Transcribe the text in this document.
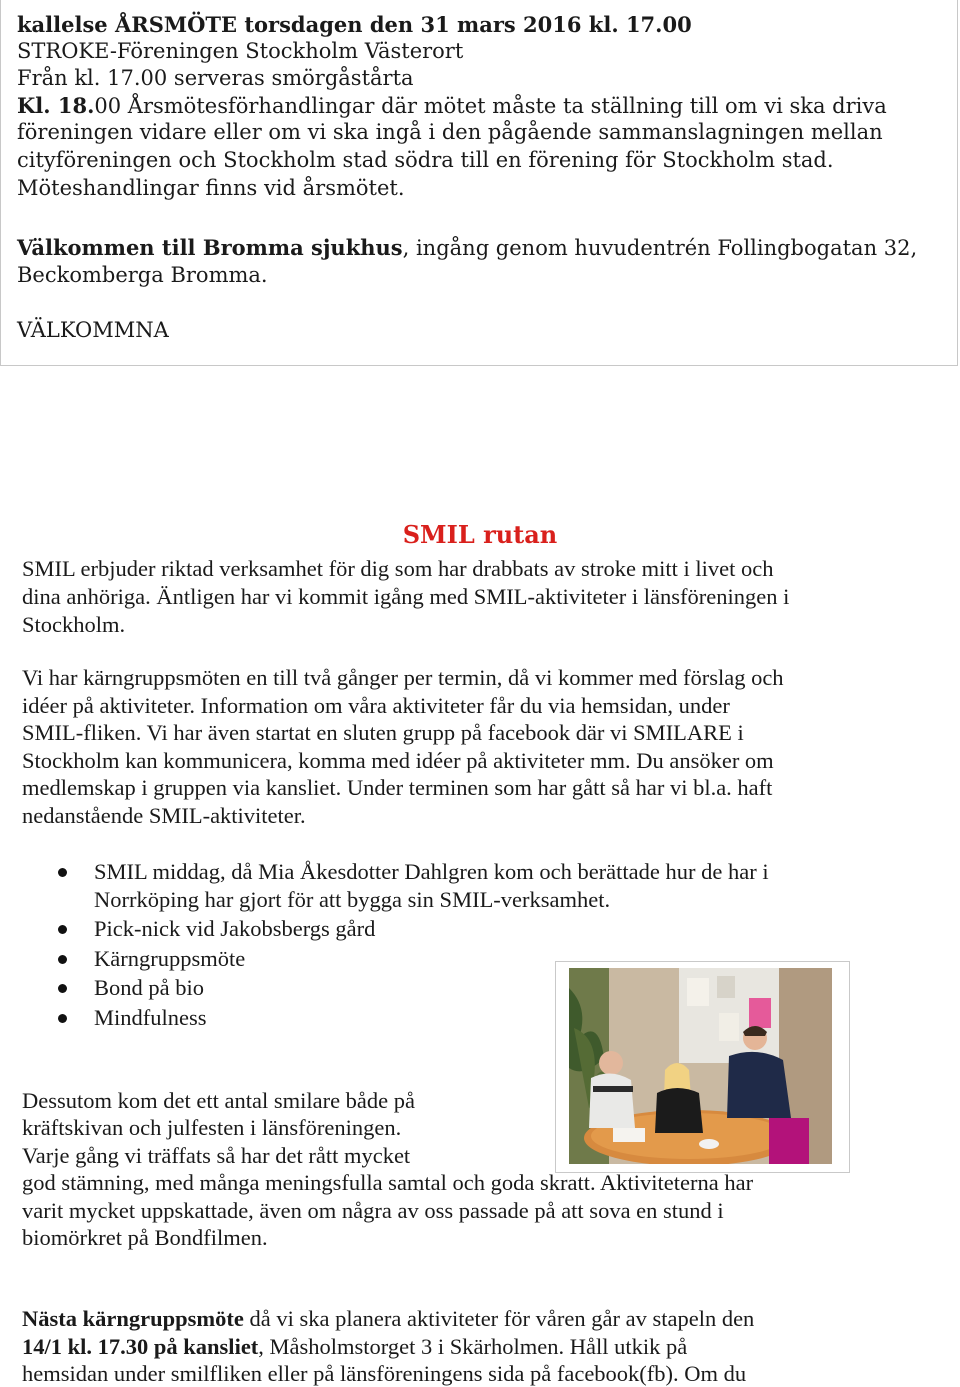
kallelse ÅRSMÖTE torsdagen den 31 mars 2016 kl. 17.00
STROKE-Föreningen Stockholm Västerort
Från kl. 17.00 serveras smörgåstårta
Kl. 18.00 Årsmötesförhandlingar där mötet måste ta ställning till om vi ska driva
föreningen vidare eller om vi ska ingå i den pågående sammanslagningen mellan
cityföreningen och Stockholm stad södra till en förening för Stockholm stad.
Möteshandlingar finns vid årsmötet.
Välkommen till Bromma sjukhus, ingång genom huvudentrén Follingbogatan 32,
Beckomberga Bromma.
VÄLKOMMNA
SMIL rutan
SMIL erbjuder riktad verksamhet för dig som har drabbats av stroke mitt i livet och
dina anhöriga. Äntligen har vi kommit igång med SMIL-aktiviteter i länsföreningen i
Stockholm.
Vi har kärngruppsmöten en till två gånger per termin, då vi kommer med förslag och
idéer på aktiviteter. Information om våra aktiviteter får du via hemsidan, under
SMIL-fliken. Vi har även startat en sluten grupp på facebook där vi SMILARE i
Stockholm kan kommunicera, komma med idéer på aktiviteter mm. Du ansöker om
medlemskap i gruppen via kansliet. Under terminen som har gått så har vi bl.a. haft
nedanstående SMIL-aktiviteter.
SMIL middag, då Mia Åkesdotter Dahlgren kom och berättade hur de har i
Norrköping har gjort för att bygga sin SMIL-verksamhet.
Pick-nick vid Jakobsbergs gård
Kärngruppsmöte
Bond på bio
Mindfulness
Dessutom kom det ett antal smilare både på
kräftskivan och julfesten i länsföreningen.
Varje gång vi träffats så har det rått mycket
god stämning, med många meningsfulla samtal och goda skratt. Aktiviteterna har
varit mycket uppskattade, även om några av oss passade på att sova en stund i
biomörkret på Bondfilmen.
Nästa kärngruppsmöte då vi ska planera aktiviteter för våren går av stapeln den
14/1 kl. 17.30 på kansliet, Måsholmstorget 3 i Skärholmen. Håll utkik på
hemsidan under smilfliken eller på länsföreningens sida på facebook(fb). Om du
